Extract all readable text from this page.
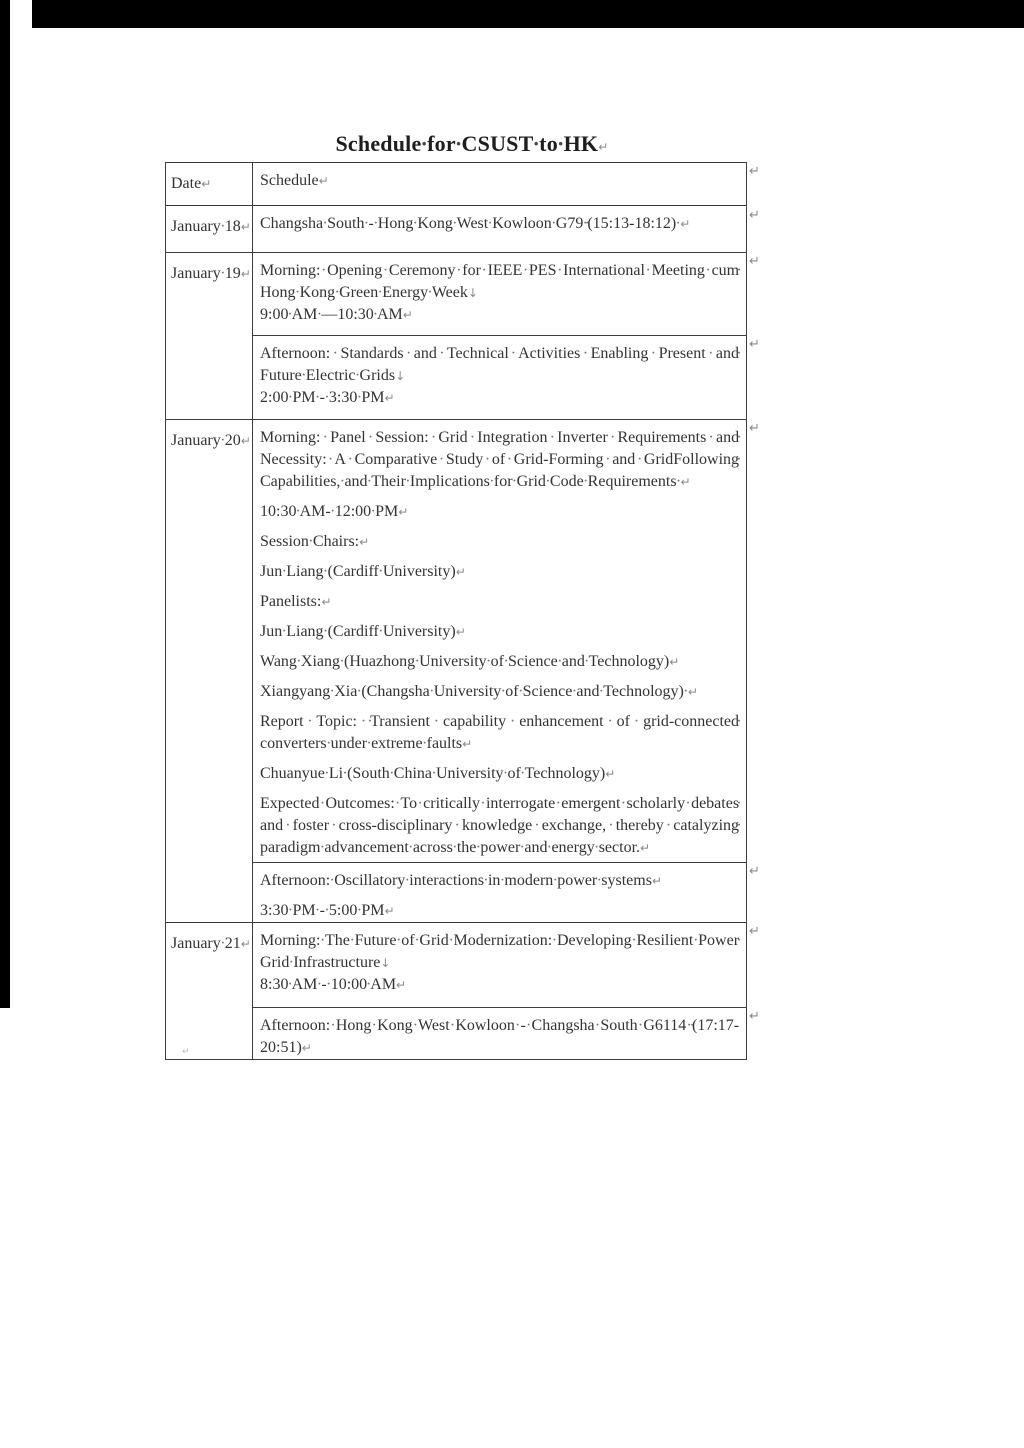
Schedule · for · CSUST · to · HK↵
Date↵	Schedule↵
January · 18↵	Changsha · South · - · Hong · Kong · West · Kowloon · G79 · (15:13-18:12) · ↵

January · 19↵	Morning: · Opening · Ceremony · for · IEEE · PES· International · Meeting · cum Hong · Kong · Green· Energy · Week↓
9:00 · AM · —10:30 · AM↵

	Afternoon: · Standards · and · Technical · Activities· Enabling · Present · and Future · Electric · Grids↓
2:00 · PM · - · 3:30 · PM↵

January · 20↵	Morning: · Panel · Session: · Grid · Integration · Inverter · Requirements · and Necessity: · A · Comparative· Study · of · Grid-Forming · and· GridFollowing Capabilities, · and · Their · Implications · for · Grid · Code · Requirements · ↵

10:30 · AM- · 12:00 · PM↵

Session · Chairs:↵

Jun · Liang · (Cardiff · University)↵

Panelists:↵

Jun · Liang · (Cardiff · University)↵

Wang · Xiang · (Huazhong · University · of · Science· and · Technology)↵

Xiangyang · Xia · (Changsha · University · of · Science· and · Technology) · ↵

Report · Topic: · Transient · capability · enhancement · of· grid-connected converters · under · extreme · faults↵

Chuanyue · Li · (South · China · University · of· Technology)↵

Expected · Outcomes: · To · critically · interrogate· emergent · scholarly · debates and · foster · cross-disciplinary · knowledge · exchange, · thereby · catalyzing paradigm · advancement · across · the · power · and· energy · sector.↵

	Afternoon: · Oscillatory · interactions · in · modern · power · systems↵

3:30 · PM · - · 5:00 · PM↵

January · 21↵	Morning: · The · Future · of · Grid · Modernization:· Developing · Resilient · Power Grid · Infrastructure↓
8:30 · AM · - · 10:00 · AM↵

	Afternoon: · Hong · Kong · West · Kowloon · -· Changsha · South · G6114 · (17:17-20:51)↵

↵
↵
↵
↵
↵
↵
↵
↵
↵
